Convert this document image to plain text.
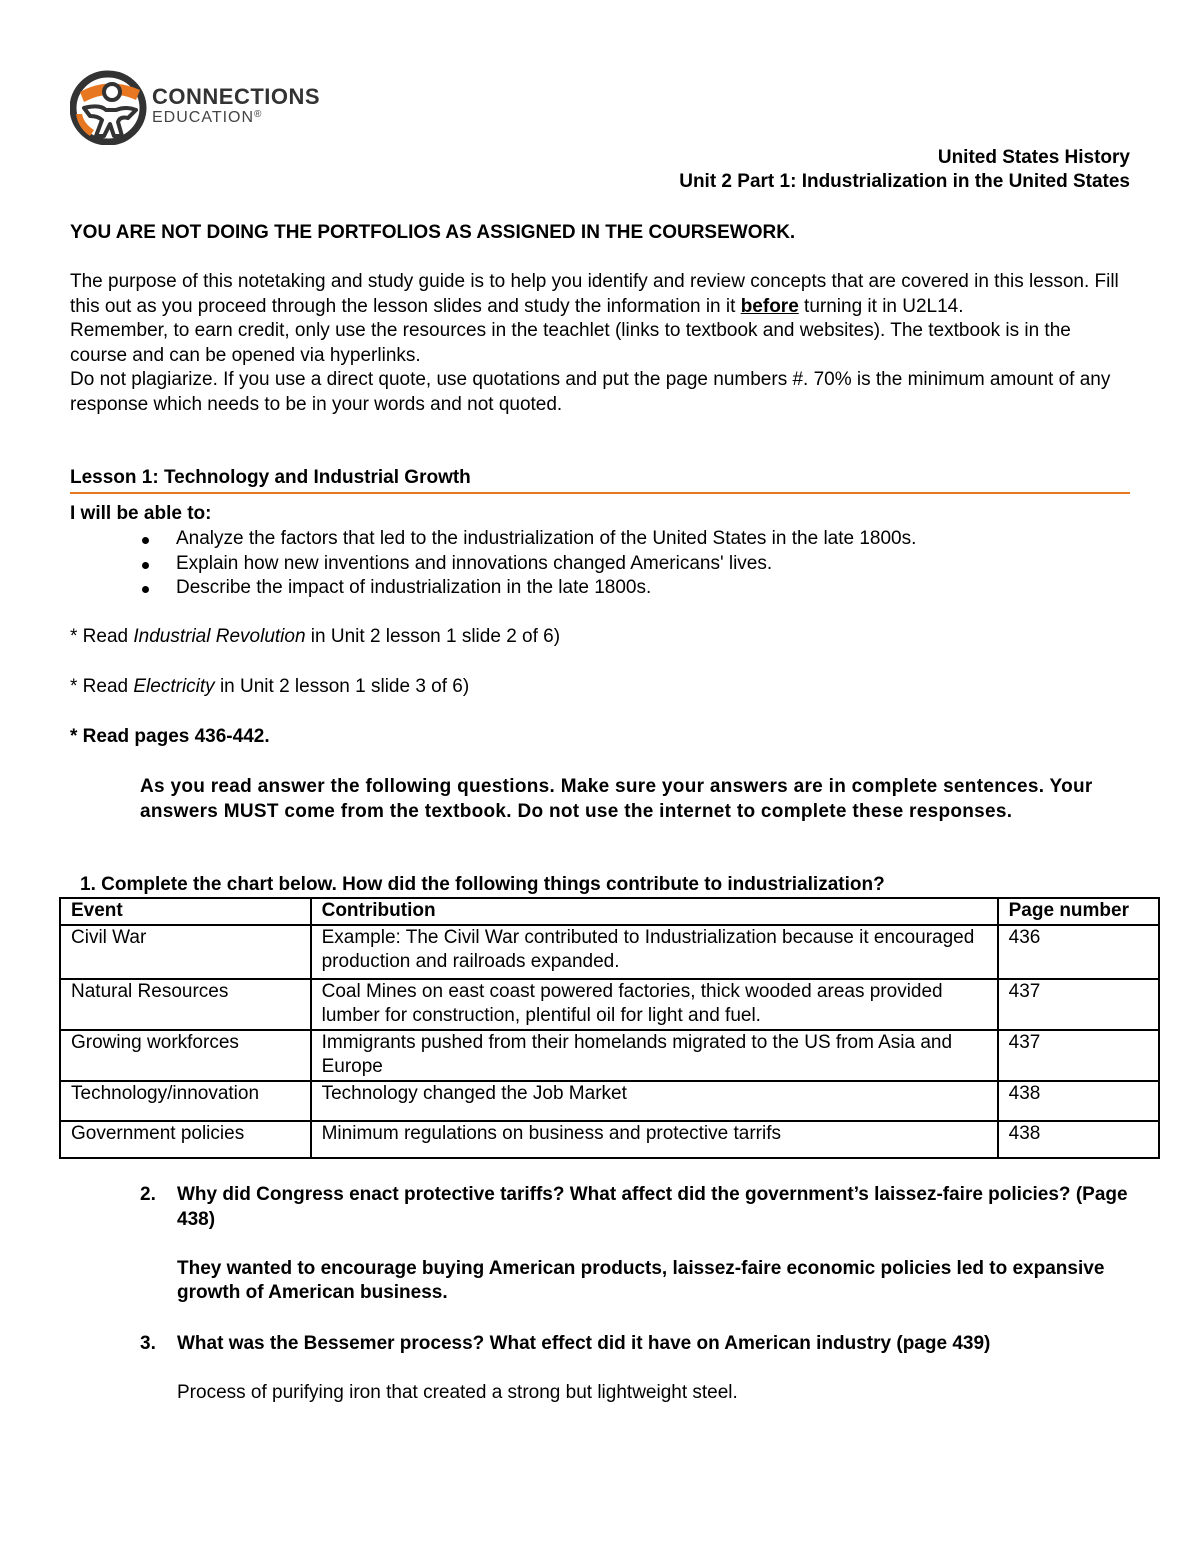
CONNECTIONS
EDUCATION®
United States History
Unit 2 Part 1: Industrialization in the United States
YOU ARE NOT DOING THE PORTFOLIOS AS ASSIGNED IN THE COURSEWORK.

The purpose of this notetaking and study guide is to help you identify and review concepts that are covered in this lesson. Fill this out as you proceed through the lesson slides and study the information in it before turning it in U2L14.

Remember, to earn credit, only use the resources in the teachlet (links to textbook and websites). The textbook is in the course and can be opened via hyperlinks.

Do not plagiarize. If you use a direct quote, use quotations and put the page numbers #. 70% is the minimum amount of any response which needs to be in your words and not quoted.

Lesson 1: Technology and Industrial Growth
I will be able to:
Analyze the factors that led to the industrialization of the United States in the late 1800s.
Explain how new inventions and innovations changed Americans' lives.
Describe the impact of industrialization in the late 1800s.
* Read Industrial Revolution in Unit 2 lesson 1 slide 2 of 6)
* Read Electricity in Unit 2 lesson 1 slide 3 of 6)
* Read pages 436-442.
As you read answer the following questions. Make sure your answers are in complete sentences. Your answers MUST come from the textbook. Do not use the internet to complete these responses.
1. Complete the chart below. How did the following things contribute to industrialization?
Event	Contribution	Page number
Civil War	Example: The Civil War contributed to Industrialization because it encouraged production and railroads expanded.	436
Natural Resources	Coal Mines on east coast powered factories, thick wooded areas provided lumber for construction, plentiful oil for light and fuel.	437
Growing workforces	Immigrants pushed from their homelands migrated to the US from Asia and Europe	437
Technology/innovation	Technology changed the Job Market	438
Government policies	Minimum regulations on business and protective tarrifs	438
2. Why did Congress enact protective tariffs? What affect did the government’s laissez-faire policies? (Page 438)
They wanted to encourage buying American products, laissez-faire economic policies led to expansive growth of American business.
3. What was the Bessemer process? What effect did it have on American industry (page 439)
Process of purifying iron that created a strong but lightweight steel.
